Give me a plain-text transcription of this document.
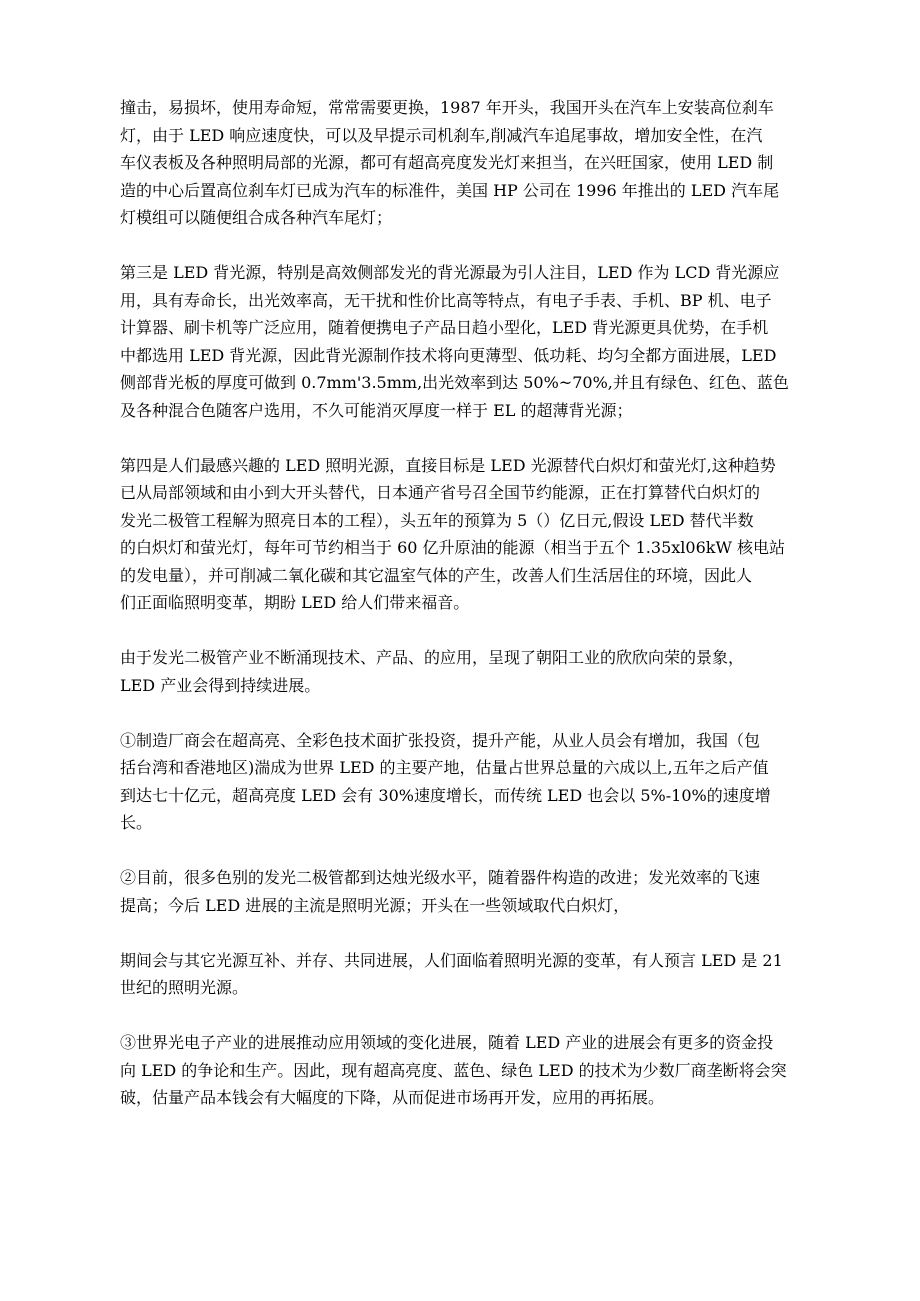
撞击，易损坏，使用寿命短，常常需要更换，1987 年开头，我国开头在汽车上安装高位刹车
灯，由于 LED 响应速度快，可以及早提示司机刹车,削减汽车追尾事故，增加安全性，在汽
车仪表板及各种照明局部的光源，都可有超高亮度发光灯来担当，在兴旺国家，使用 LED 制
造的中心后置高位刹车灯已成为汽车的标准件，美国 HP 公司在 1996 年推出的 LED 汽车尾
灯模组可以随便组合成各种汽车尾灯；

第三是 LED 背光源，特别是高效侧部发光的背光源最为引人注目，LED 作为 LCD 背光源应
用，具有寿命长，出光效率高，无干扰和性价比高等特点，有电子手表、手机、BP 机、电子
计算器、刷卡机等广泛应用，随着便携电子产品日趋小型化，LED 背光源更具优势，在手机
中都选用 LED 背光源，因此背光源制作技术将向更薄型、低功耗、均匀全都方面进展，LED
侧部背光板的厚度可做到 0.7mm'3.5mm,出光效率到达 50%~70%,并且有绿色、红色、蓝色
及各种混合色随客户选用，不久可能消灭厚度一样于 EL 的超薄背光源；

第四是人们最感兴趣的 LED 照明光源，直接目标是 LED 光源替代白炽灯和萤光灯,这种趋势
已从局部领域和由小到大开头替代，日本通产省号召全国节约能源，正在打算替代白炽灯的
发光二极管工程解为照亮日本的工程），头五年的预算为 5（）亿日元,假设 LED 替代半数
的白炽灯和萤光灯，每年可节约相当于 60 亿升原油的能源（相当于五个 1.35xl06kW 核电站
的发电量），并可削减二氧化碳和其它温室气体的产生，改善人们生活居住的环境，因此人
们正面临照明变革，期盼 LED 给人们带来福音。

由于发光二极管产业不断涌现技术、产品、的应用，呈现了朝阳工业的欣欣向荣的景象，
LED 产业会得到持续进展。

①制造厂商会在超高亮、全彩色技术面扩张投资，提升产能，从业人员会有增加，我国（包
括台湾和香港地区)湍成为世界 LED 的主要产地，估量占世界总量的六成以上,五年之后产值
到达七十亿元，超高亮度 LED 会有 30%速度增长，而传统 LED 也会以 5%-10%的速度增
长。

②目前，很多色别的发光二极管都到达烛光级水平，随着器件构造的改进；发光效率的飞速
提高；今后 LED 进展的主流是照明光源；开头在一些领域取代白炽灯，

期间会与其它光源互补、并存、共同进展，人们面临着照明光源的变革，有人预言 LED 是 21
世纪的照明光源。

③世界光电子产业的进展推动应用领域的变化进展，随着 LED 产业的进展会有更多的资金投
向 LED 的争论和生产。因此，现有超高亮度、蓝色、绿色 LED 的技术为少数厂商垄断将会突
破，估量产品本钱会有大幅度的下降，从而促进市场再开发，应用的再拓展。
